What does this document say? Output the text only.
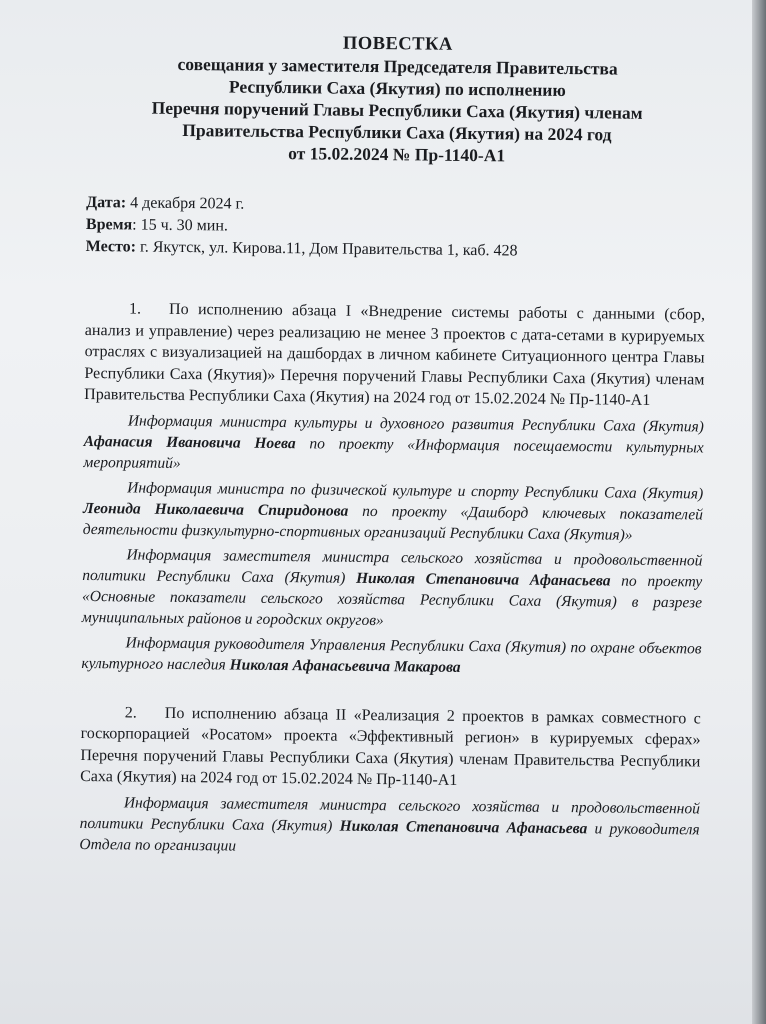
ПОВЕСТКА
совещания у заместителя Председателя Правительства
Республики Саха (Якутия) по исполнению
Перечня поручений Главы Республики Саха (Якутия) членам
Правительства Республики Саха (Якутия) на 2024 год
от 15.02.2024 № Пр-1140-А1
Дата: 4 декабря 2024 г.
Время: 15 ч. 30 мин.
Место: г. Якутск, ул. Кирова.11, Дом Правительства 1, каб. 428
1. По исполнению абзаца I «Внедрение системы работы с данными (сбор, анализ и управление) через реализацию не менее 3 проектов с дата-сетами в курируемых отраслях с визуализацией на дашбордах в личном кабинете Ситуационного центра Главы Республики Саха (Якутия)» Перечня поручений Главы Республики Саха (Якутия) членам Правительства Республики Саха (Якутия) на 2024 год от 15.02.2024 № Пр-1140-А1
Информация министра культуры и духовного развития Республики Саха (Якутия) Афанасия Ивановича Ноева по проекту «Информация посещаемости культурных мероприятий»
Информация министра по физической культуре и спорту Республики Саха (Якутия) Леонида Николаевича Спиридонова по проекту «Дашборд ключевых показателей деятельности физкультурно-спортивных организаций Республики Саха (Якутия)»
Информация заместителя министра сельского хозяйства и продовольственной политики Республики Саха (Якутия) Николая Степановича Афанасьева по проекту «Основные показатели сельского хозяйства Республики Саха (Якутия) в разрезе муниципальных районов и городских округов»
Информация руководителя Управления Республики Саха (Якутия) по охране объектов культурного наследия Николая Афанасьевича Макарова
2. По исполнению абзаца II «Реализация 2 проектов в рамках совместного с госкорпорацией «Росатом» проекта «Эффективный регион» в курируемых сферах» Перечня поручений Главы Республики Саха (Якутия) членам Правительства Республики Саха (Якутия) на 2024 год от 15.02.2024 № Пр-1140-А1
Информация заместителя министра сельского хозяйства и продовольственной политики Республики Саха (Якутия) Николая Степановича Афанасьева и руководителя Отдела по организации
